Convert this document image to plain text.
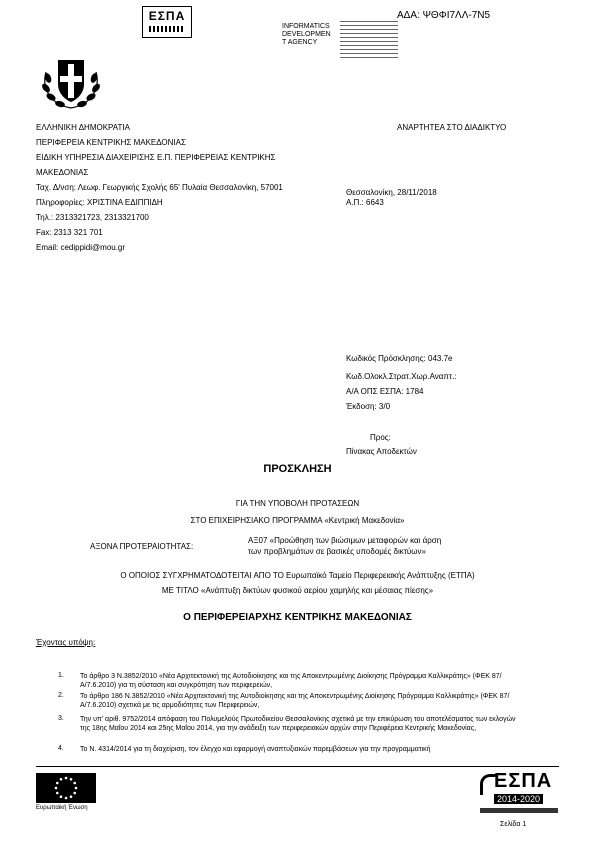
ΕΣΠΑ
INFORMATICS
DEVELOPMEN
T AGENCY
ΑΔΑ: ΨΘΦΙ7ΛΛ-7Ν5
ΕΛΛΗΝΙΚΗ ΔΗΜΟΚΡΑΤΙΑ
ΠΕΡΙΦΕΡΕΙΑ ΚΕΝΤΡΙΚΗΣ ΜΑΚΕΔΟΝΙΑΣ
ΕΙΔΙΚΗ ΥΠΗΡΕΣΙΑ ΔΙΑΧΕΙΡΙΣΗΣ Ε.Π. ΠΕΡΙΦΕΡΕΙΑΣ ΚΕΝΤΡΙΚΗΣ
ΜΑΚΕΔΟΝΙΑΣ
Ταχ. Δ/νση: Λεωφ. Γεωργικής Σχολής 65' Πυλαία Θεσσαλονίκη, 57001
Πληροφορίες: ΧΡΙΣΤΙΝΑ ΕΔΙΠΠΙΔΗ
Τηλ.: 2313321723, 2313321700
Fax: 2313 321 701
Email: cedippidi@mou.gr
ΑΝΑΡΤΗΤΕΑ ΣΤΟ ΔΙΑΔΙΚΤΥΟ
Θεσσαλονίκη, 28/11/2018
Α.Π.: 6643
Κωδικός Πρόσκλησης: 043.7e
Κωδ.Ολοκλ.Στρατ.Χωρ.Αναπτ.:
Α/Α ΟΠΣ ΕΣΠΑ: 1784
Έκδοση: 3/0
Προς:
Πίνακας Αποδεκτών
ΠΡΟΣΚΛΗΣΗ
ΓΙΑ ΤΗΝ ΥΠΟΒΟΛΗ ΠΡΟΤΑΣΕΩΝ
ΣΤΟ ΕΠΙΧΕΙΡΗΣΙΑΚΟ ΠΡΟΓΡΑΜΜΑ «Κεντρική Μακεδονία»
ΑΞΟΝΑ ΠΡΟΤΕΡΑΙΟΤΗΤΑΣ:
ΑΞ07 «Προώθηση των βιώσιμων μεταφορών και άρση
των προβλημάτων σε βασικές υποδομές δικτύων»
Ο ΟΠΟΙΟΣ ΣΥΓΧΡΗΜΑΤΟΔΟΤΕΙΤΑΙ ΑΠΟ ΤΟ Ευρωπαϊκό Ταμείο Περιφερειακής Ανάπτυξης (ΕΤΠΑ)
ΜΕ ΤΙΤΛΟ «Ανάπτυξη δικτύων φυσικού αερίου χαμηλής και μέσαιας πίεσης»
Ο ΠΕΡΙΦΕΡΕΙΑΡΧΗΣ ΚΕΝΤΡΙΚΗΣ ΜΑΚΕΔΟΝΙΑΣ
Έχοντας υπόψη:
1. Το άρθρο 3 Ν.3852/2010 «Νέα Αρχιτεκτονική της Αυτοδιοίκησης και της Αποκεντρωμένης Διοίκησης Πρόγραμμα Καλλικράτης» (ΦΕΚ 87/Α/7.6.2010) για τη σύσταση και συγκρότηση των περιφερειών,
2. Το άρθρο 186 Ν.3852/2010 «Νέα Αρχιτεκτονική της Αυτοδιοίκησης και της Αποκεντρωμένης Διοίκησης Πρόγραμμα Καλλικράτης» (ΦΕΚ 87/Α/7.6.2010) σχετικά με τις αρμοδιότητες των Περιφερειών,
3. Την υπ' αριθ. 9752/2014 απόφαση του Πολυμελούς Πρωτοδικείου Θεσσαλονίκης σχετικά με την επικύρωση του αποτελέσματος των εκλογών της 18ης Μαΐου 2014 και 25ης Μαΐου 2014, για την ανάδειξη των περιφερειακών αρχών στην Περιφέρεια Κεντρικής Μακεδονίας,
4. Το Ν. 4314/2014 για τη διαχείριση, τον έλεγχο και εφαρμογή αναπτυξιακών παρεμβάσεων για την προγραμματική
Ευρωπαϊκή Ένωση
ΕΣΠΑ
2014-2020
Σελίδα 1
